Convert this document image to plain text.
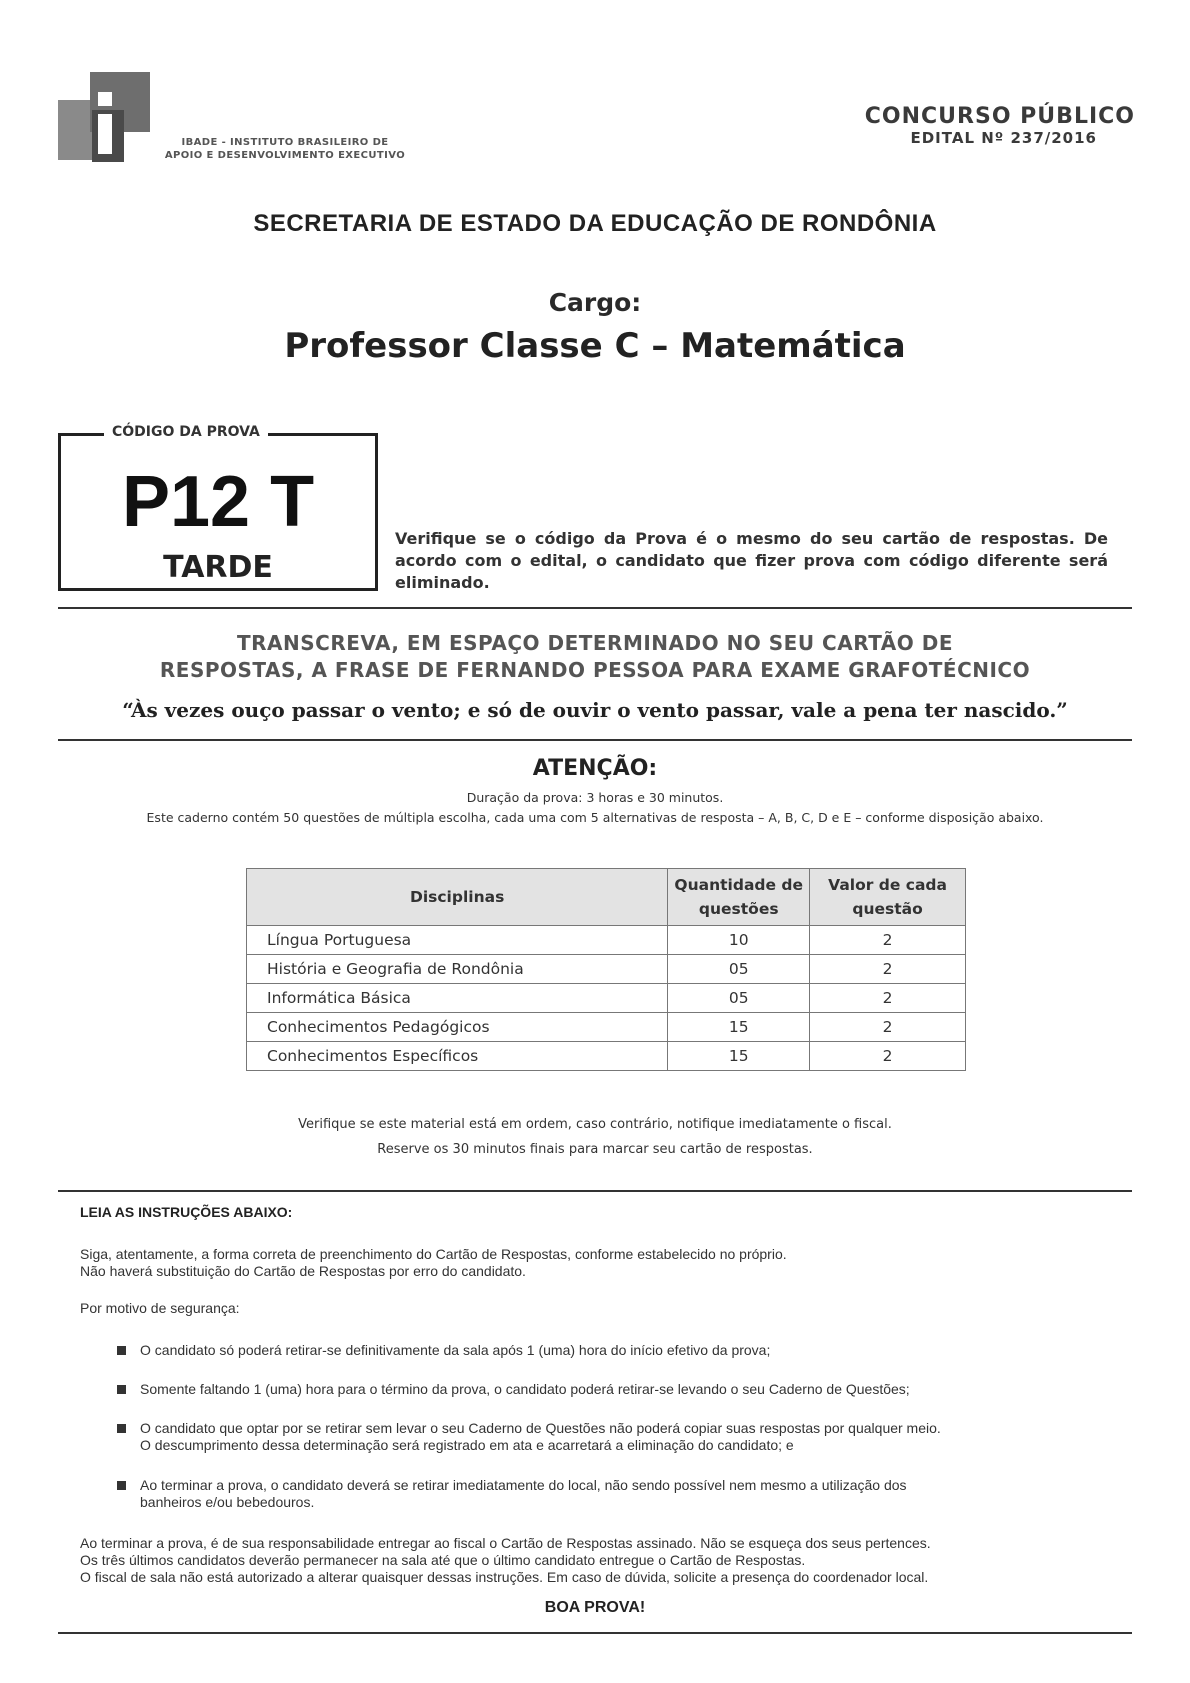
IBADE - INSTITUTO BRASILEIRO DE
APOIO E DESENVOLVIMENTO EXECUTIVO
CONCURSO PÚBLICO
EDITAL Nº 237/2016
SECRETARIA DE ESTADO DA EDUCAÇÃO DE RONDÔNIA
Cargo:
Professor Classe C – Matemática
CÓDIGO DA PROVA
P12 T
TARDE
Verifique se o código da Prova é o mesmo do seu cartão de respostas. De acordo com o edital, o candidato que fizer prova com código diferente será eliminado.
TRANSCREVA, EM ESPAÇO DETERMINADO NO SEU CARTÃO DE
RESPOSTAS, A FRASE DE FERNANDO PESSOA PARA EXAME GRAFOTÉCNICO
“Às vezes ouço passar o vento; e só de ouvir o vento passar, vale a pena ter nascido.”
ATENÇÃO:
Duração da prova: 3 horas e 30 minutos.
Este caderno contém 50 questões de múltipla escolha, cada uma com 5 alternativas de resposta – A, B, C, D e E – conforme disposição abaixo.
Disciplinas	Quantidade de questões	Valor de cada questão
Língua Portuguesa	10	2
História e Geografia de Rondônia	05	2
Informática Básica	05	2
Conhecimentos Pedagógicos	15	2
Conhecimentos Específicos	15	2
Verifique se este material está em ordem, caso contrário, notifique imediatamente o fiscal.
Reserve os 30 minutos finais para marcar seu cartão de respostas.
LEIA AS INSTRUÇÕES ABAIXO:
Siga, atentamente, a forma correta de preenchimento do Cartão de Respostas, conforme estabelecido no próprio.
Não haverá substituição do Cartão de Respostas por erro do candidato.
Por motivo de segurança:
O candidato só poderá retirar-se definitivamente da sala após 1 (uma) hora do início efetivo da prova;
Somente faltando 1 (uma) hora para o término da prova, o candidato poderá retirar-se levando o seu Caderno de Questões;
O candidato que optar por se retirar sem levar o seu Caderno de Questões não poderá copiar suas respostas por qualquer meio.
O descumprimento dessa determinação será registrado em ata e acarretará a eliminação do candidato; e
Ao terminar a prova, o candidato deverá se retirar imediatamente do local, não sendo possível nem mesmo a utilização dos
banheiros e/ou bebedouros.
Ao terminar a prova, é de sua responsabilidade entregar ao fiscal o Cartão de Respostas assinado. Não se esqueça dos seus pertences.
Os três últimos candidatos deverão permanecer na sala até que o último candidato entregue o Cartão de Respostas.
O fiscal de sala não está autorizado a alterar quaisquer dessas instruções. Em caso de dúvida, solicite a presença do coordenador local.
BOA PROVA!
